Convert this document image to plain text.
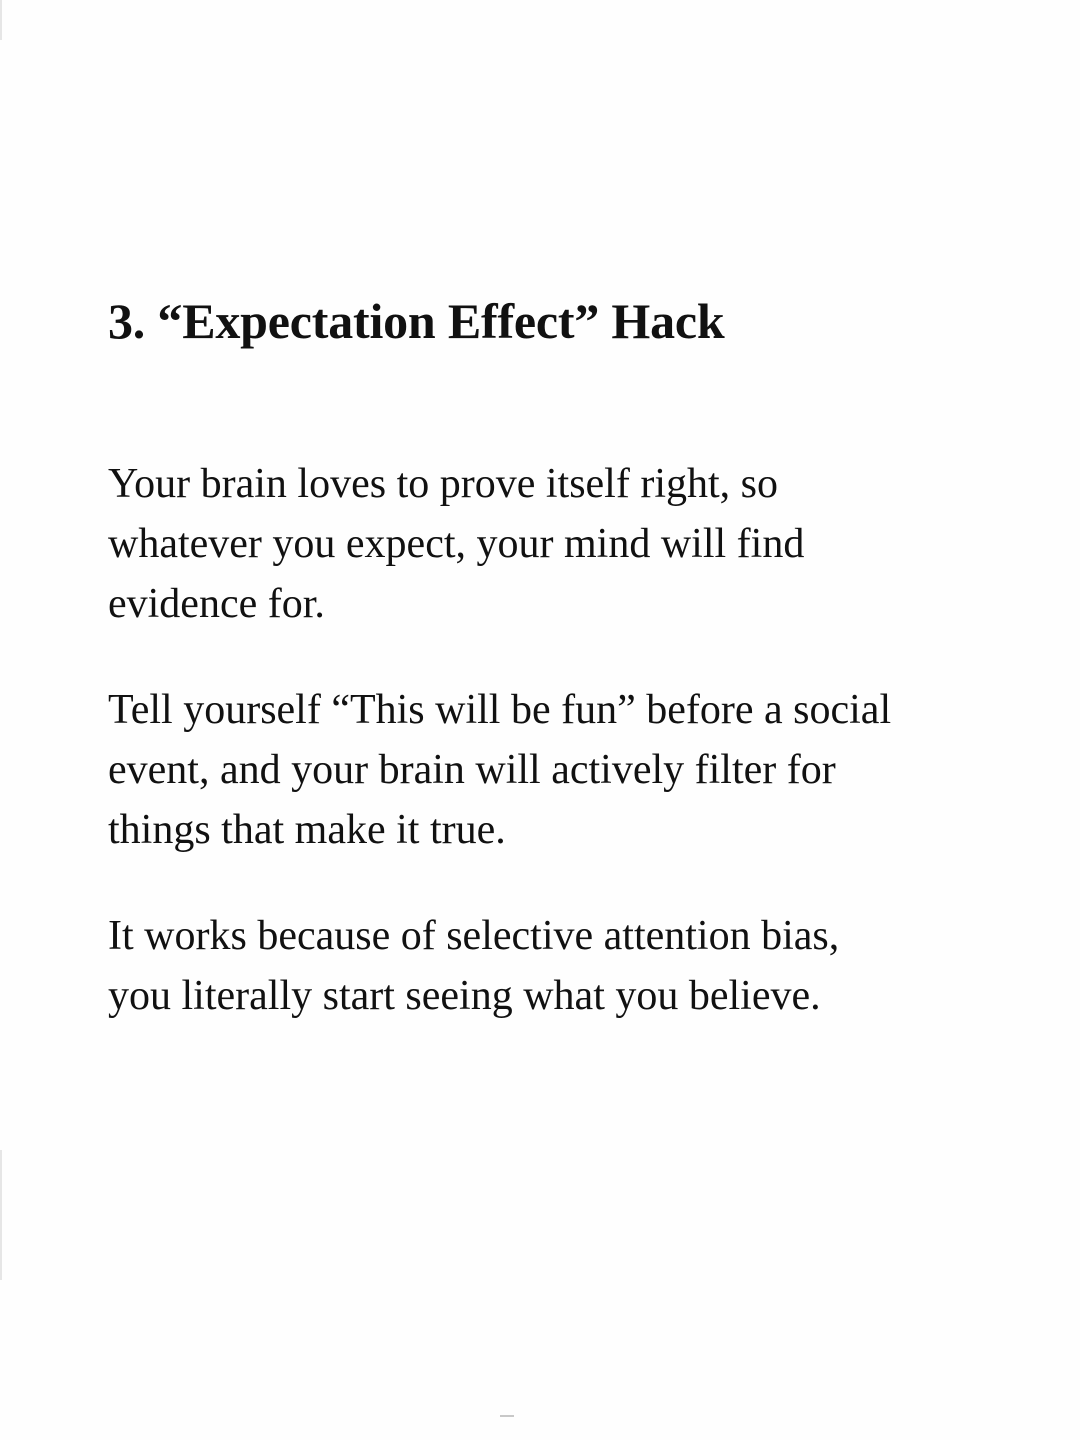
3. “Expectation Effect” Hack

Your brain loves to prove itself right, so
whatever you expect, your mind will find
evidence for.

Tell yourself “This will be fun” before a social
event, and your brain will actively filter for
things that make it true.

It works because of selective attention bias,
you literally start seeing what you believe.
